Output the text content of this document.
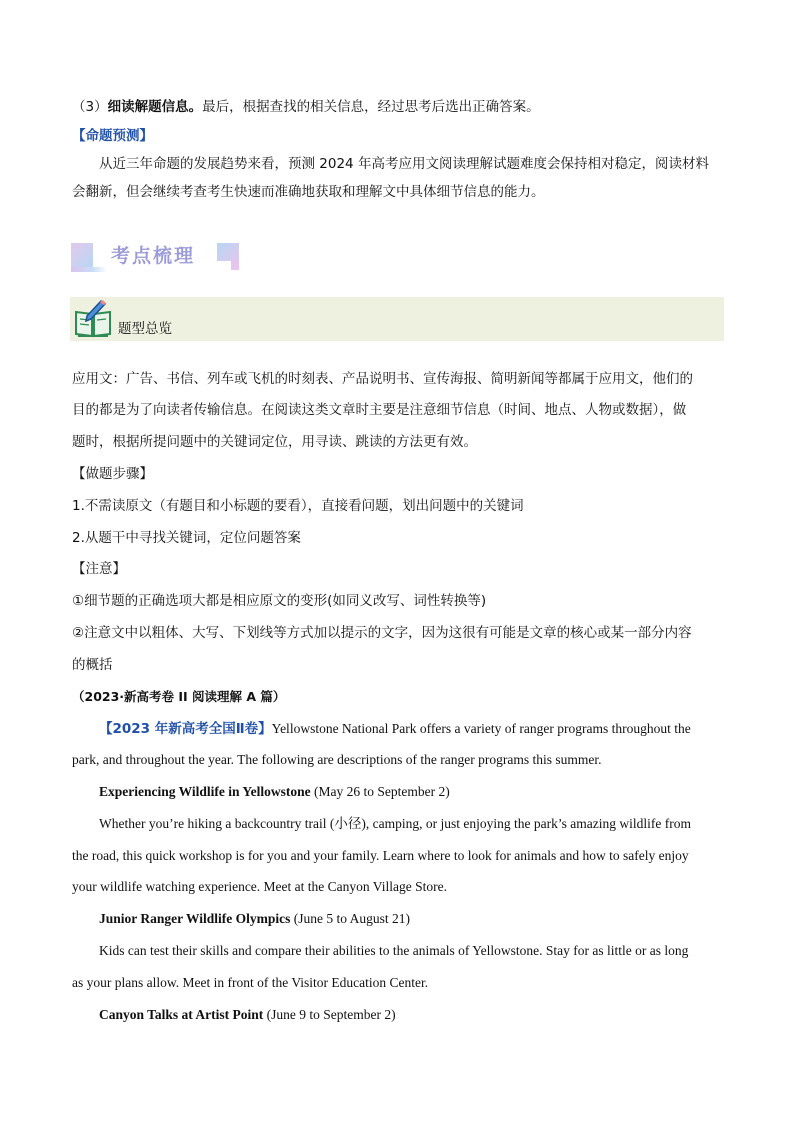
（3）细读解题信息。最后，根据查找的相关信息，经过思考后选出正确答案。
【命题预测】
从近三年命题的发展趋势来看，预测 2024 年高考应用文阅读理解试题难度会保持相对稳定，阅读材料
会翻新，但会继续考查考生快速而准确地获取和理解文中具体细节信息的能力。
考点梳理
题型总览
应用文：广告、书信、列车或飞机的时刻表、产品说明书、宣传海报、简明新闻等都属于应用文，他们的
目的都是为了向读者传输信息。在阅读这类文章时主要是注意细节信息（时间、地点、人物或数据），做
题时，根据所提问题中的关键词定位，用寻读、跳读的方法更有效。
【做题步骤】
1.不需读原文（有题目和小标题的要看），直接看问题，划出问题中的关键词
2.从题干中寻找关键词，定位问题答案
【注意】
①细节题的正确选项大都是相应原文的变形(如同义改写、词性转换等)
②注意文中以粗体、大写、下划线等方式加以提示的文字，因为这很有可能是文章的核心或某一部分内容
的概括
（2023·新高考卷 II 阅读理解 A 篇）
【2023 年新高考全国Ⅱ卷】Yellowstone National Park offers a variety of ranger programs throughout the
park, and throughout the year. The following are descriptions of the ranger programs this summer.
Experiencing Wildlife in Yellowstone (May 26 to September 2)
Whether you’re hiking a backcountry trail (小径), camping, or just enjoying the park’s amazing wildlife from
the road, this quick workshop is for you and your family. Learn where to look for animals and how to safely enjoy
your wildlife watching experience. Meet at the Canyon Village Store.
Junior Ranger Wildlife Olympics (June 5 to August 21)
Kids can test their skills and compare their abilities to the animals of Yellowstone. Stay for as little or as long
as your plans allow. Meet in front of the Visitor Education Center.
Canyon Talks at Artist Point (June 9 to September 2)
